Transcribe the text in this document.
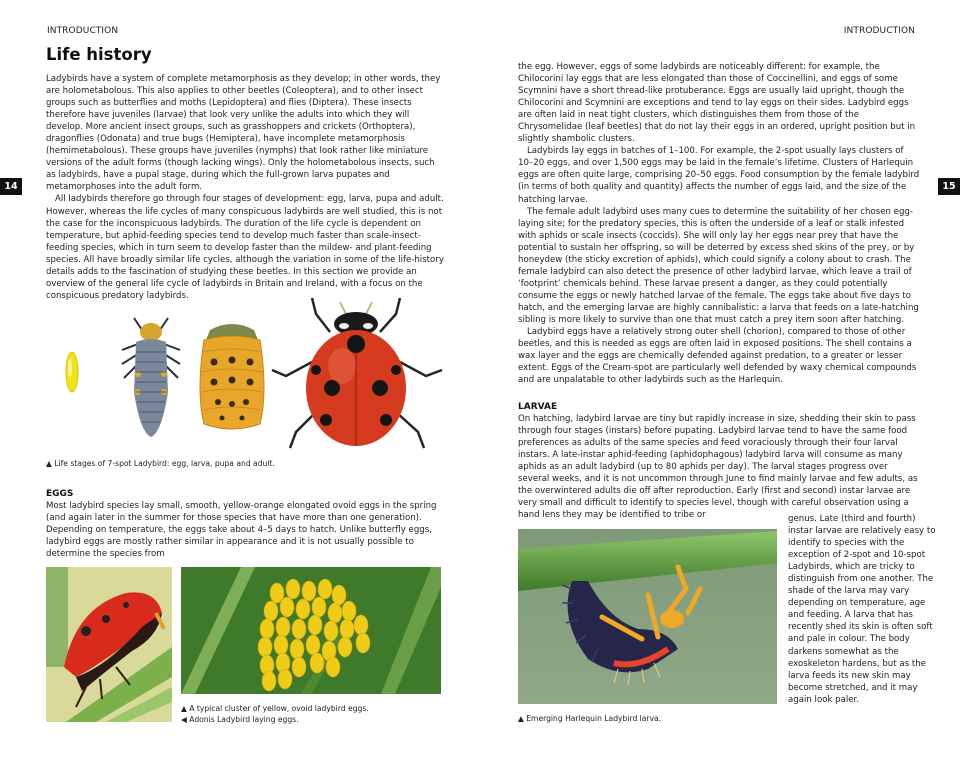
INTRODUCTION
14
Life history

Ladybirds have a system of complete metamorphosis as they develop; in other words, they are holometabolous. This also applies to other beetles (Coleoptera), and to other insect groups such as butterflies and moths (Lepidoptera) and flies (Diptera). These insects therefore have juveniles (larvae) that look very unlike the adults into which they will develop. More ancient insect groups, such as grasshoppers and crickets (Orthoptera), dragonflies (Odonata) and true bugs (Hemiptera), have incomplete metamorphosis (hemimetabolous). These groups have juveniles (nymphs) that look rather like miniature versions of the adult forms (though lacking wings). Only the holometabolous insects, such as ladybirds, have a pupal stage, during which the full-grown larva pupates and metamorphoses into the adult form.

All ladybirds therefore go through four stages of development: egg, larva, pupa and adult. However, whereas the life cycles of many conspicuous ladybirds are well studied, this is not the case for the inconspicuous ladybirds. The duration of the life cycle is dependent on temperature, but aphid-feeding species tend to develop much faster than scale-insect-feeding species, which in turn seem to develop faster than the mildew- and plant-feeding species. All have broadly similar life cycles, although the variation in some of the life-history details adds to the fascination of studying these beetles. In this section we provide an overview of the general life cycle of ladybirds in Britain and Ireland, with a focus on the conspicuous predatory ladybirds.

▲ Life stages of 7-spot Ladybird: egg, larva, pupa and adult.

EGGS

Most ladybird species lay small, smooth, yellow-orange elongated ovoid eggs in the spring (and again later in the summer for those species that have more than one generation). Depending on temperature, the eggs take about 4–5 days to hatch. Unlike butterfly eggs, ladybird eggs are mostly rather similar in appearance and it is not usually possible to determine the species from

▲ A typical cluster of yellow, ovoid ladybird eggs.
◀ Adonis Ladybird laying eggs.
INTRODUCTION
15

the egg. However, eggs of some ladybirds are noticeably different: for example, the Chilocorini lay eggs that are less elongated than those of Coccinellini, and eggs of some Scymnini have a short thread-like protuberance. Eggs are usually laid upright, though the Chilocorini and Scymnini are exceptions and tend to lay eggs on their sides. Ladybird eggs are often laid in neat tight clusters, which distinguishes them from those of the Chrysomelidae (leaf beetles) that do not lay their eggs in an ordered, upright position but in slightly shambolic clusters.

Ladybirds lay eggs in batches of 1–100. For example, the 2-spot usually lays clusters of 10–20 eggs, and over 1,500 eggs may be laid in the female’s lifetime. Clusters of Harlequin eggs are often quite large, comprising 20–50 eggs. Food consumption by the female ladybird (in terms of both quality and quantity) affects the number of eggs laid, and the size of the hatching larvae.

The female adult ladybird uses many cues to determine the suitability of her chosen egg-laying site; for the predatory species, this is often the underside of a leaf or stalk infested with aphids or scale insects (coccids). She will only lay her eggs near prey that have the potential to sustain her offspring, so will be deterred by excess shed skins of the prey, or by honeydew (the sticky excretion of aphids), which could signify a colony about to crash. The female ladybird can also detect the presence of other ladybird larvae, which leave a trail of ‘footprint’ chemicals behind. These larvae present a danger, as they could potentially consume the eggs or newly hatched larvae of the female. The eggs take about five days to hatch, and the emerging larvae are highly cannibalistic: a larva that feeds on a late-hatching sibling is more likely to survive than one that must catch a prey item soon after hatching.

Ladybird eggs have a relatively strong outer shell (chorion), compared to those of other beetles, and this is needed as eggs are often laid in exposed positions. The shell contains a wax layer and the eggs are chemically defended against predation, to a greater or lesser extent. Eggs of the Cream-spot are particularly well defended by waxy chemical compounds and are unpalatable to other ladybirds such as the Harlequin.

LARVAE

On hatching, ladybird larvae are tiny but rapidly increase in size, shedding their skin to pass through four stages (instars) before pupating. Ladybird larvae tend to have the same food preferences as adults of the same species and feed voraciously through their four larval instars. A late-instar aphid-feeding (aphidophagous) ladybird larva will consume as many aphids as an adult ladybird (up to 80 aphids per day). The larval stages progress over several weeks, and it is not uncommon through June to find mainly larvae and few adults, as the overwintered adults die off after reproduction. Early (first and second) instar larvae are very small and difficult to identify to species level, though with careful observation using a hand lens they may be identified to tribe or

▲ Emerging Harlequin Ladybird larva.

genus. Late (third and fourth) instar larvae are relatively easy to identify to species with the exception of 2-spot and 10-spot Ladybirds, which are tricky to distinguish from one another. The shade of the larva may vary depending on temperature, age and feeding. A larva that has recently shed its skin is often soft and pale in colour. The body darkens somewhat as the exoskeleton hardens, but as the larva feeds its new skin may become stretched, and it may again look paler.
